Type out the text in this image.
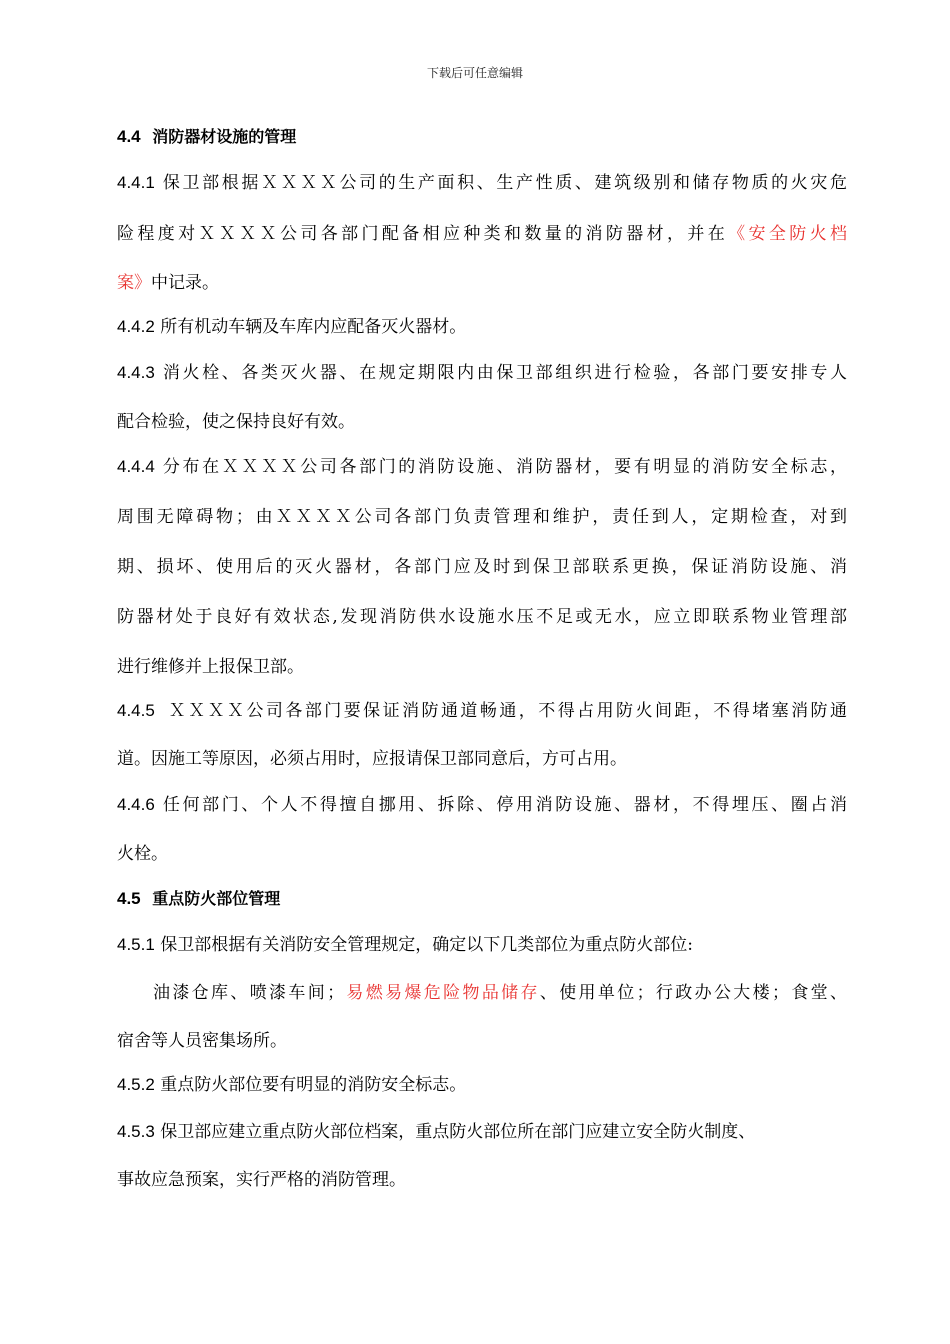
下载后可任意编辑
4.4 消防器材设施的管理
4.4.1 保卫部根据ＸＸＸＸ公司的生产面积、生产性质、建筑级别和储存物质的火灾危
险程度对ＸＸＸＸ公司各部门配备相应种类和数量的消防器材，并在《安全防火档
案》中记录。
4.4.2 所有机动车辆及车库内应配备灭火器材。
4.4.3 消火栓、各类灭火器、在规定期限内由保卫部组织进行检验，各部门要安排专人
配合检验，使之保持良好有效。
4.4.4 分布在ＸＸＸＸ公司各部门的消防设施、消防器材，要有明显的消防安全标志，
周围无障碍物；由ＸＸＸＸ公司各部门负责管理和维护，责任到人，定期检查，对到
期、损坏、使用后的灭火器材，各部门应及时到保卫部联系更换，保证消防设施、消
防器材处于良好有效状态,发现消防供水设施水压不足或无水，应立即联系物业管理部
进行维修并上报保卫部。
4.4.5 ＸＸＸＸ公司各部门要保证消防通道畅通，不得占用防火间距，不得堵塞消防通
道。因施工等原因，必须占用时，应报请保卫部同意后，方可占用。
4.4.6 任何部门、个人不得擅自挪用、拆除、停用消防设施、器材，不得埋压、圈占消
火栓。
4.5 重点防火部位管理
4.5.1 保卫部根据有关消防安全管理规定，确定以下几类部位为重点防火部位:
油漆仓库、喷漆车间；易燃易爆危险物品储存、使用单位；行政办公大楼；食堂、
宿舍等人员密集场所。
4.5.2 重点防火部位要有明显的消防安全标志。
4.5.3 保卫部应建立重点防火部位档案，重点防火部位所在部门应建立安全防火制度、
事故应急预案，实行严格的消防管理。
